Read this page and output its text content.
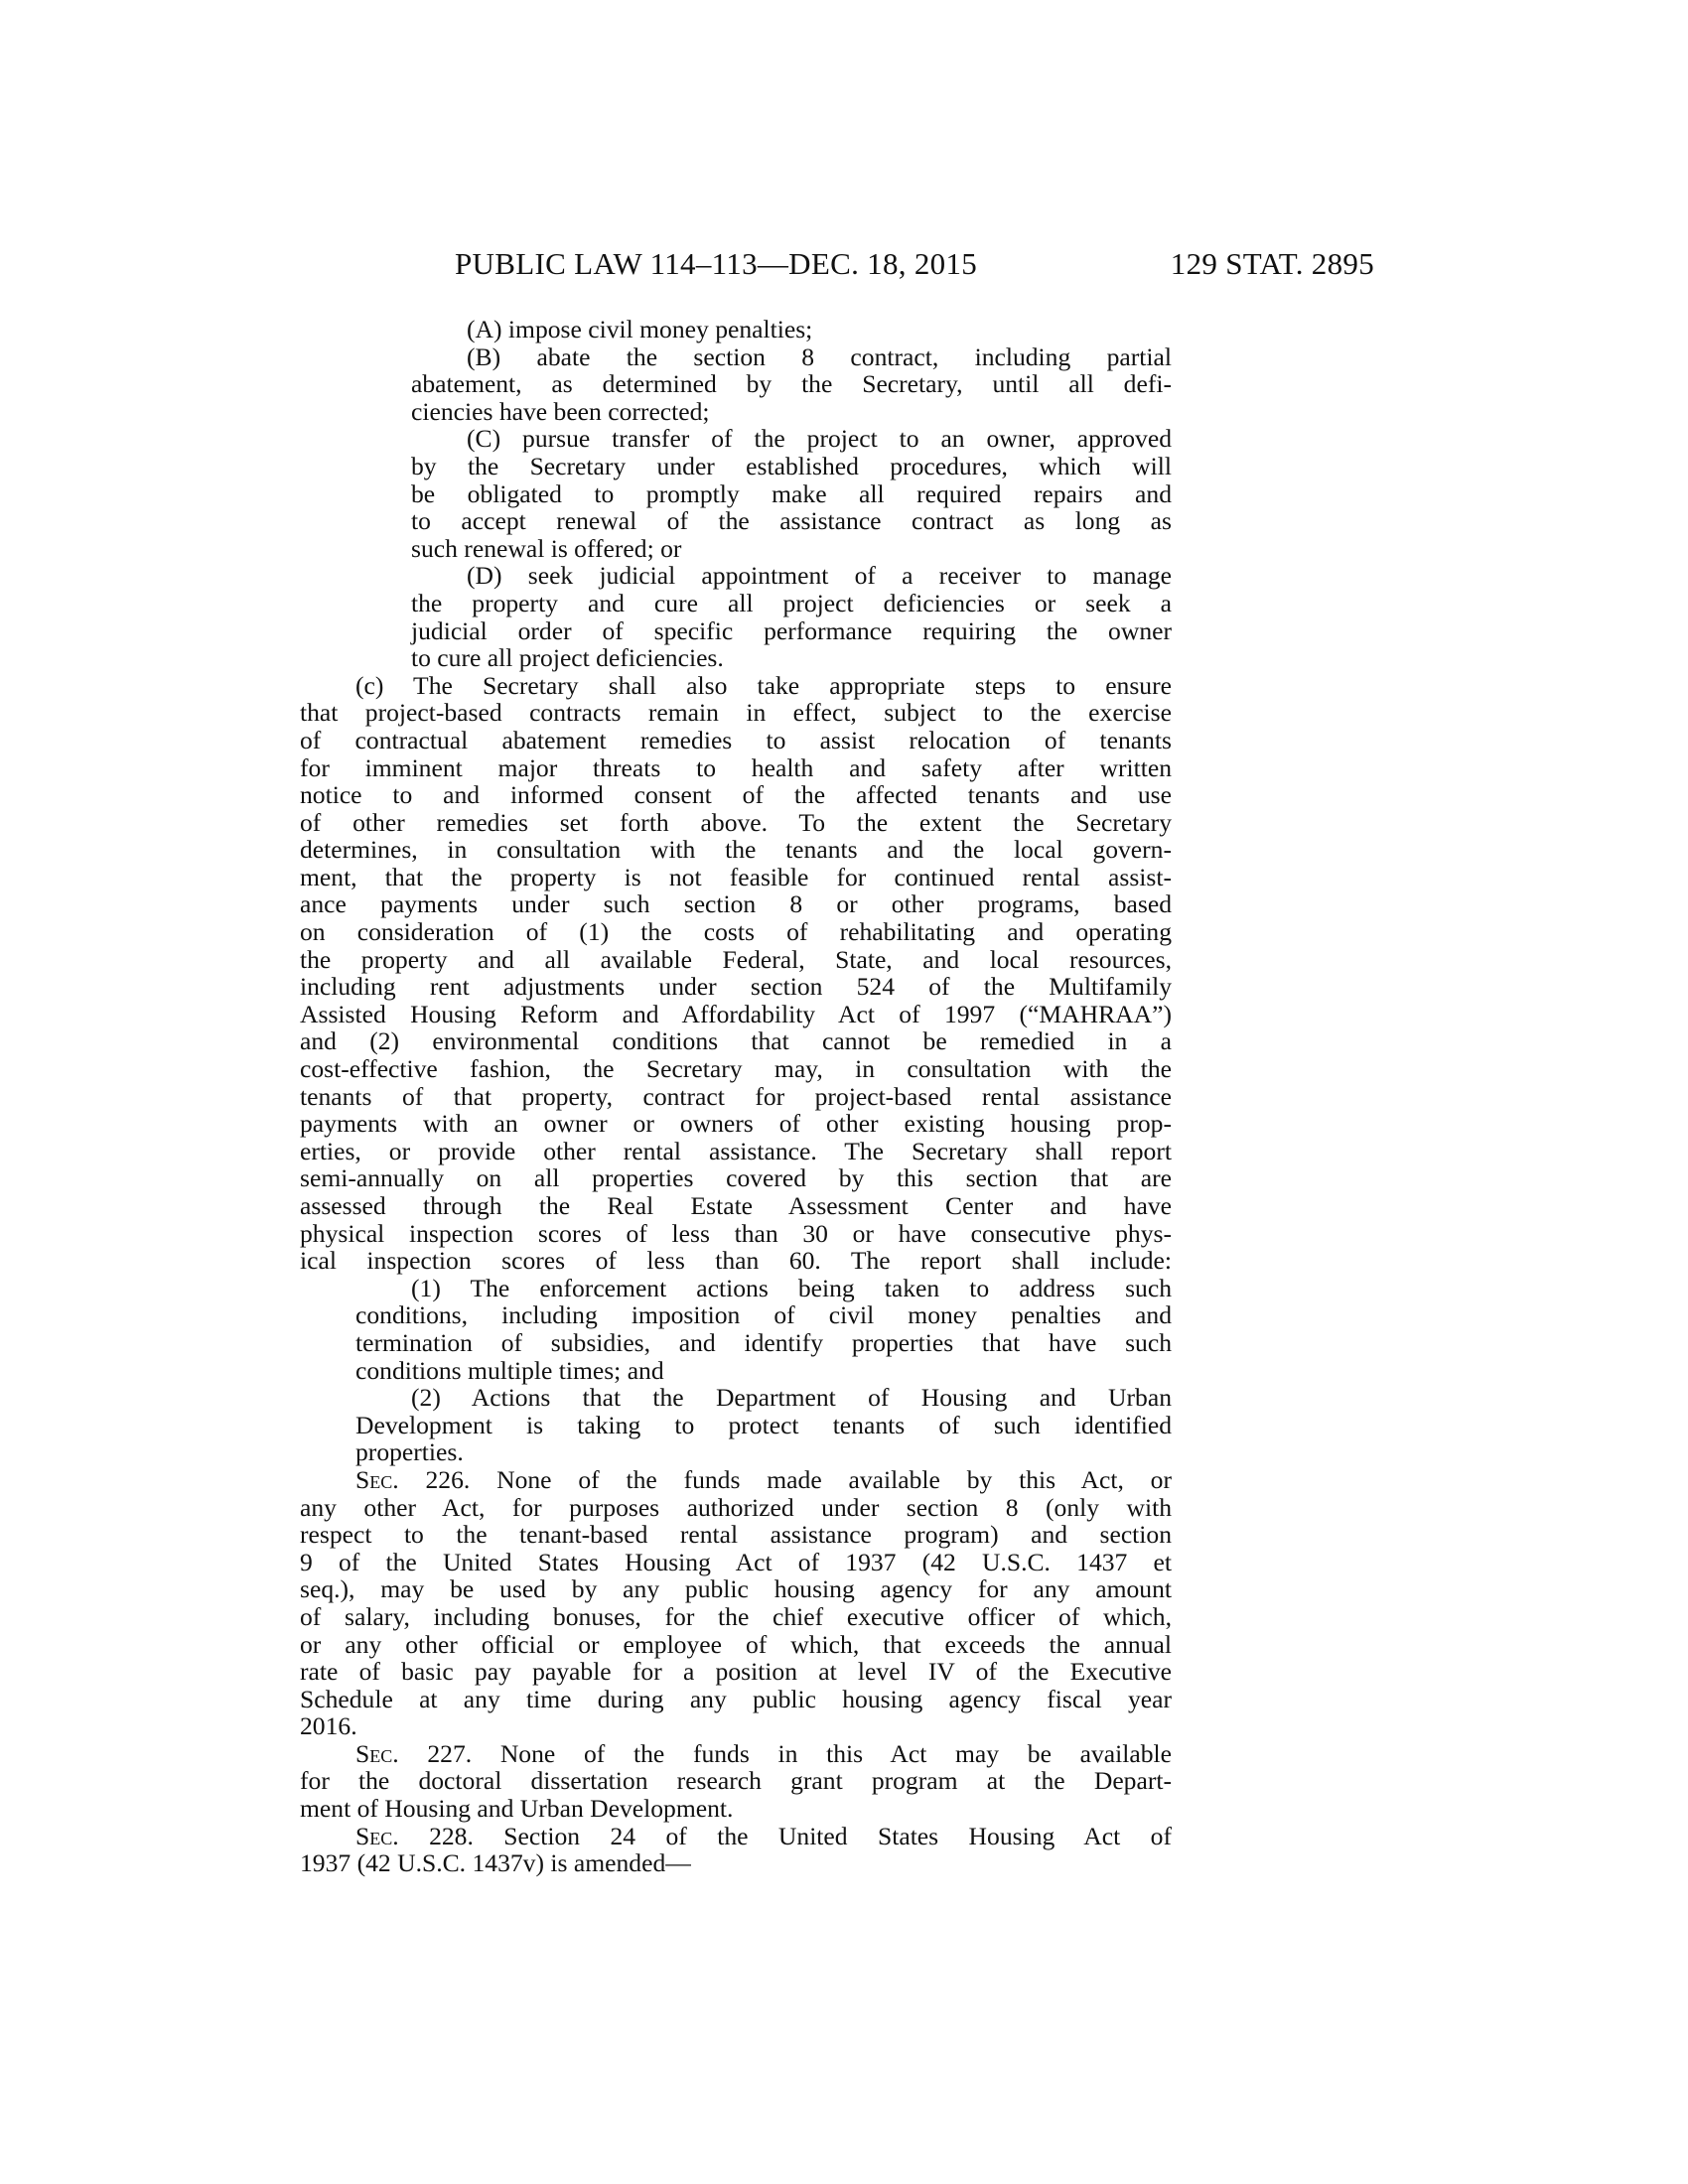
PUBLIC LAW 114–113—DEC. 18, 2015	129 STAT. 2895
(A) impose civil money penalties;
(B) abate the section 8 contract, including partial
abatement, as determined by the Secretary, until all defi-
ciencies have been corrected;
(C) pursue transfer of the project to an owner, approved
by the Secretary under established procedures, which will
be obligated to promptly make all required repairs and
to accept renewal of the assistance contract as long as
such renewal is offered; or
(D) seek judicial appointment of a receiver to manage
the property and cure all project deficiencies or seek a
judicial order of specific performance requiring the owner
to cure all project deficiencies.
(c) The Secretary shall also take appropriate steps to ensure
that project-based contracts remain in effect, subject to the exercise
of contractual abatement remedies to assist relocation of tenants
for imminent major threats to health and safety after written
notice to and informed consent of the affected tenants and use
of other remedies set forth above. To the extent the Secretary
determines, in consultation with the tenants and the local govern-
ment, that the property is not feasible for continued rental assist-
ance payments under such section 8 or other programs, based
on consideration of (1) the costs of rehabilitating and operating
the property and all available Federal, State, and local resources,
including rent adjustments under section 524 of the Multifamily
Assisted Housing Reform and Affordability Act of 1997 (“MAHRAA”)
and (2) environmental conditions that cannot be remedied in a
cost-effective fashion, the Secretary may, in consultation with the
tenants of that property, contract for project-based rental assistance
payments with an owner or owners of other existing housing prop-
erties, or provide other rental assistance. The Secretary shall report
semi-annually on all properties covered by this section that are
assessed through the Real Estate Assessment Center and have
physical inspection scores of less than 30 or have consecutive phys-
ical inspection scores of less than 60. The report shall include:
(1) The enforcement actions being taken to address such
conditions, including imposition of civil money penalties and
termination of subsidies, and identify properties that have such
conditions multiple times; and
(2) Actions that the Department of Housing and Urban
Development is taking to protect tenants of such identified
properties.
Sec. 226. None of the funds made available by this Act, or
any other Act, for purposes authorized under section 8 (only with
respect to the tenant-based rental assistance program) and section
9 of the United States Housing Act of 1937 (42 U.S.C. 1437 et
seq.), may be used by any public housing agency for any amount
of salary, including bonuses, for the chief executive officer of which,
or any other official or employee of which, that exceeds the annual
rate of basic pay payable for a position at level IV of the Executive
Schedule at any time during any public housing agency fiscal year
2016.
Sec. 227. None of the funds in this Act may be available
for the doctoral dissertation research grant program at the Depart-
ment of Housing and Urban Development.
Sec. 228. Section 24 of the United States Housing Act of
1937 (42 U.S.C. 1437v) is amended—
